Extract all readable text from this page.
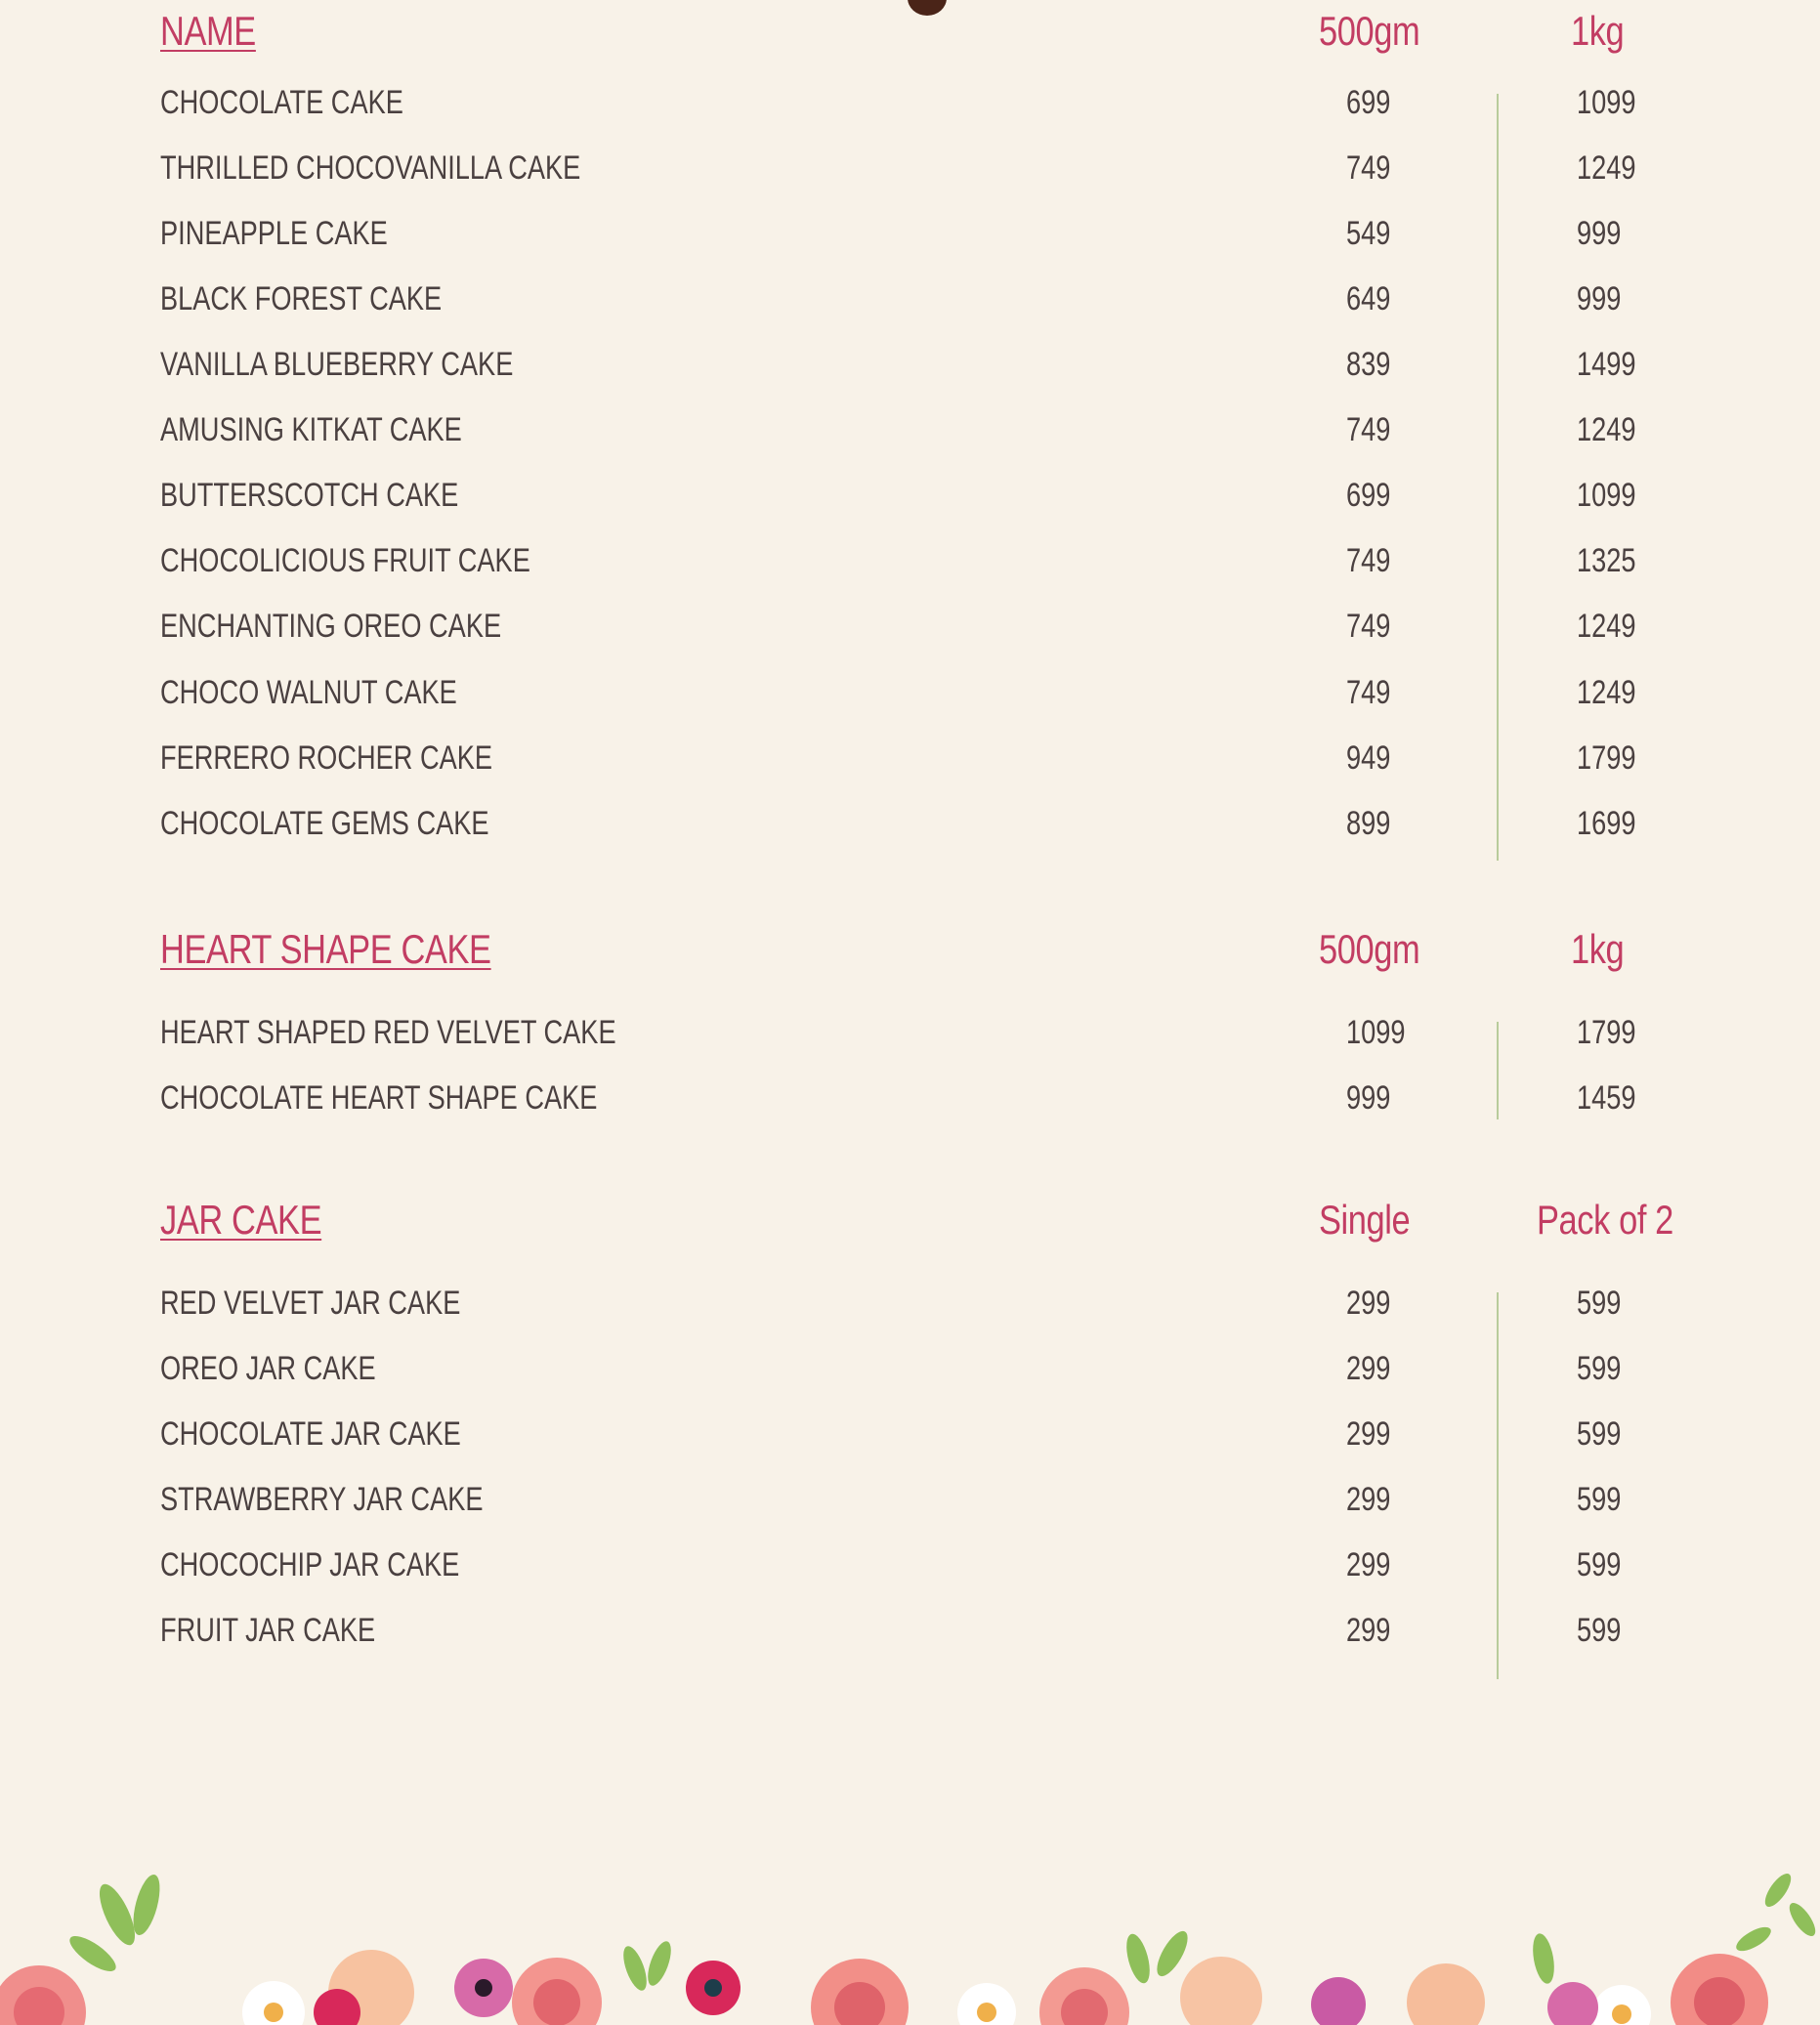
NAME	500gm	1kg
CHOCOLATE CAKE	699	1099
THRILLED CHOCOVANILLA CAKE	749	1249
PINEAPPLE CAKE	549	999
BLACK FOREST CAKE	649	999
VANILLA BLUEBERRY CAKE	839	1499
AMUSING KITKAT CAKE	749	1249
BUTTERSCOTCH CAKE	699	1099
CHOCOLICIOUS FRUIT CAKE	749	1325
ENCHANTING OREO CAKE	749	1249
CHOCO WALNUT CAKE	749	1249
FERRERO ROCHER CAKE	949	1799
CHOCOLATE GEMS CAKE	899	1699
HEART SHAPE CAKE	500gm	1kg
HEART SHAPED RED VELVET CAKE	1099	1799
CHOCOLATE HEART SHAPE CAKE	999	1459
JAR CAKE	Single	Pack of 2
RED VELVET JAR CAKE	299	599
OREO JAR CAKE	299	599
CHOCOLATE JAR CAKE	299	599
STRAWBERRY JAR CAKE	299	599
CHOCOCHIP JAR CAKE	299	599
FRUIT JAR CAKE	299	599
